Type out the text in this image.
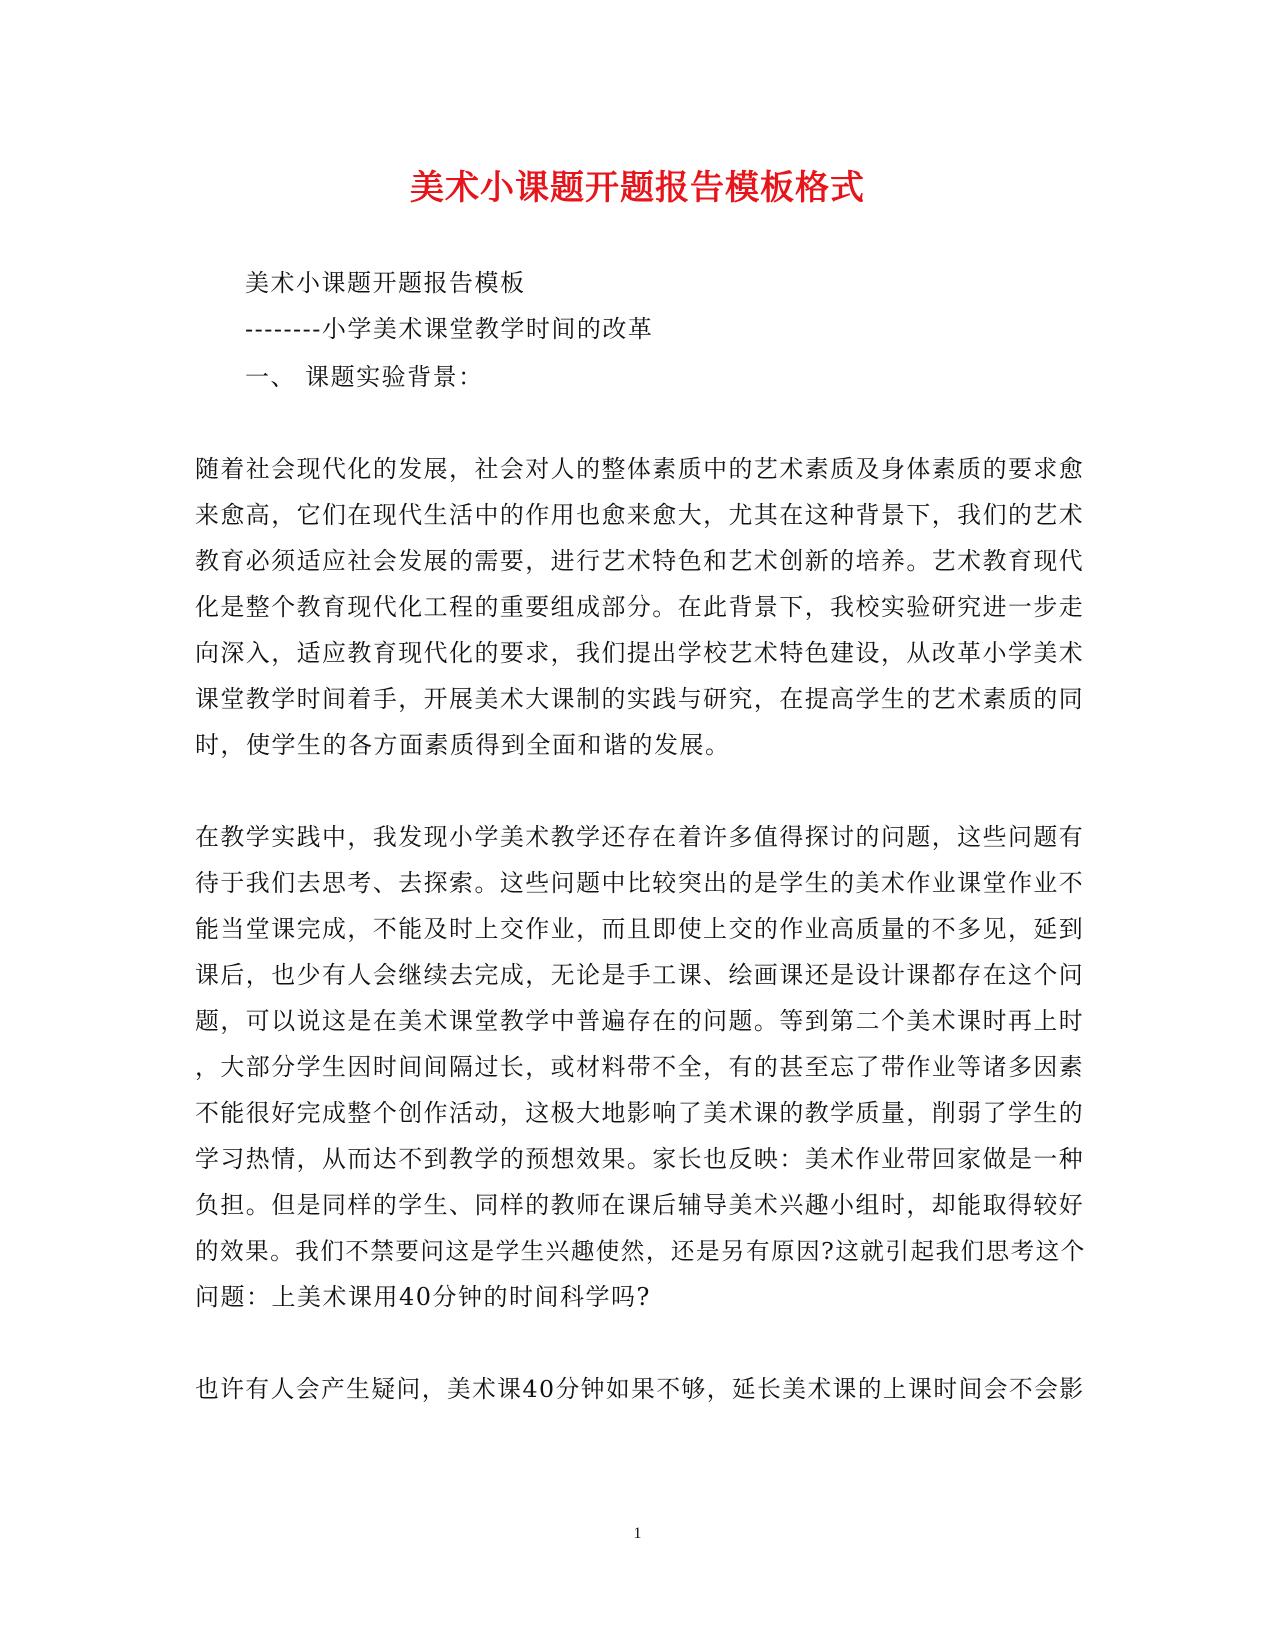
美术小课题开题报告模板格式
美术小课题开题报告模板
--------小学美术课堂教学时间的改革
一、 课题实验背景：
随着社会现代化的发展，社会对人的整体素质中的艺术素质及身体素质的要求愈
来愈高，它们在现代生活中的作用也愈来愈大，尤其在这种背景下，我们的艺术
教育必须适应社会发展的需要，进行艺术特色和艺术创新的培养。艺术教育现代
化是整个教育现代化工程的重要组成部分。在此背景下，我校实验研究进一步走
向深入，适应教育现代化的要求，我们提出学校艺术特色建设，从改革小学美术
课堂教学时间着手，开展美术大课制的实践与研究，在提高学生的艺术素质的同
时，使学生的各方面素质得到全面和谐的发展。
在教学实践中，我发现小学美术教学还存在着许多值得探讨的问题，这些问题有
待于我们去思考、去探索。这些问题中比较突出的是学生的美术作业课堂作业不
能当堂课完成，不能及时上交作业，而且即使上交的作业高质量的不多见，延到
课后，也少有人会继续去完成，无论是手工课、绘画课还是设计课都存在这个问
题，可以说这是在美术课堂教学中普遍存在的问题。等到第二个美术课时再上时
，大部分学生因时间间隔过长，或材料带不全，有的甚至忘了带作业等诸多因素
不能很好完成整个创作活动，这极大地影响了美术课的教学质量，削弱了学生的
学习热情，从而达不到教学的预想效果。家长也反映：美术作业带回家做是一种
负担。但是同样的学生、同样的教师在课后辅导美术兴趣小组时，却能取得较好
的效果。我们不禁要问这是学生兴趣使然，还是另有原因?这就引起我们思考这个
问题：上美术课用40分钟的时间科学吗?
也许有人会产生疑问，美术课40分钟如果不够，延长美术课的上课时间会不会影
1
